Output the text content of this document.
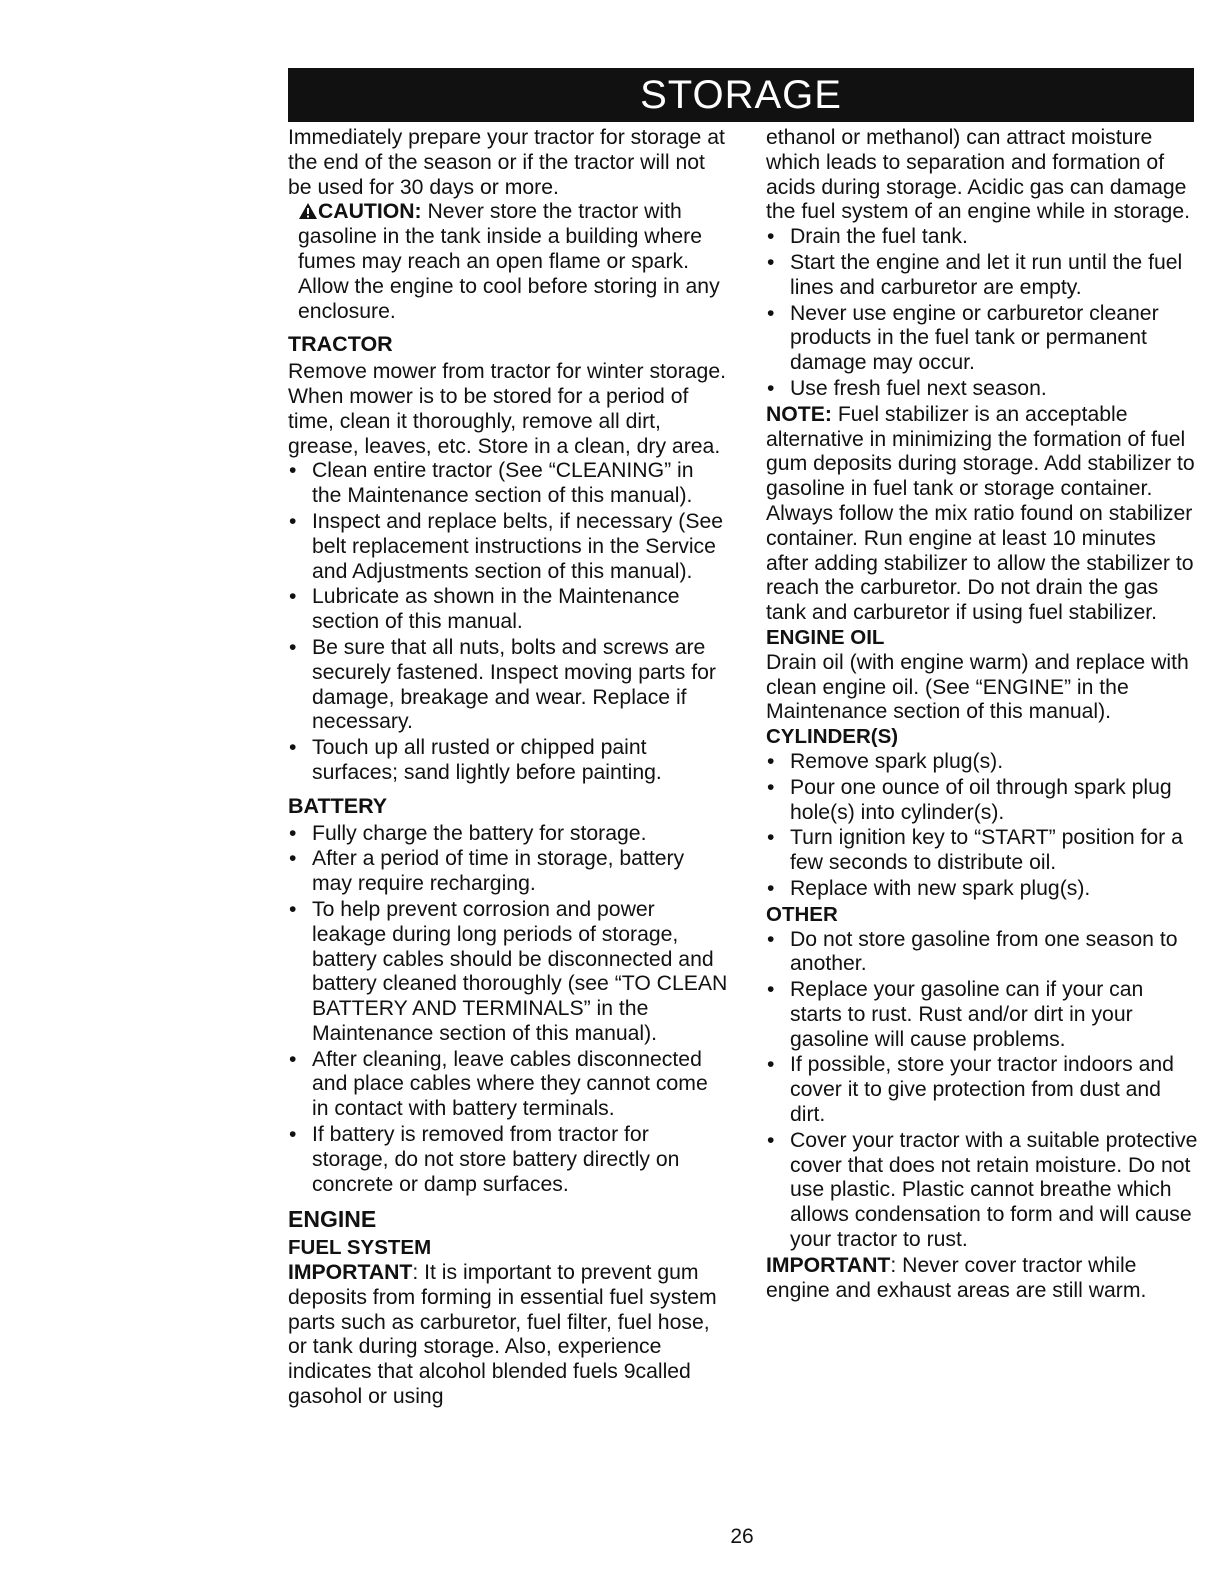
STORAGE

Immediately prepare your tractor for storage at the end of the season or if the tractor will not be used for 30 days or more.

CAUTION: Never store the tractor with gasoline in the tank inside a building where fumes may reach an open flame or spark. Allow the engine to cool before storing in any enclosure.

TRACTOR

Remove mower from tractor for winter storage. When mower is to be stored for a period of time, clean it thoroughly, remove all dirt, grease, leaves, etc. Store in a clean, dry area.

• Clean entire tractor (See “CLEANING” in the Maintenance section of this manual).
• Inspect and replace belts, if necessary (See belt replacement instructions in the Service and Adjustments section of this manual).
• Lubricate as shown in the Maintenance section of this manual.
• Be sure that all nuts, bolts and screws are securely fastened. Inspect moving parts for damage, breakage and wear. Replace if necessary.
• Touch up all rusted or chipped paint surfaces; sand lightly before painting.

BATTERY

• Fully charge the battery for storage.
• After a period of time in storage, battery may require recharging.
• To help prevent corrosion and power leakage during long periods of storage, battery cables should be disconnected and battery cleaned thoroughly (see “TO CLEAN BATTERY AND TERMINALS” in the Maintenance section of this manual).
• After cleaning, leave cables disconnected and place cables where they cannot come in contact with battery terminals.
• If battery is removed from tractor for storage, do not store battery directly on concrete or damp surfaces.

ENGINE

FUEL SYSTEM

IMPORTANT: It is important to prevent gum deposits from forming in essential fuel system parts such as carburetor, fuel filter, fuel hose, or tank during storage. Also, experience indicates that alcohol blended fuels 9called gasohol or using

ethanol or methanol) can attract moisture which leads to separation and formation of acids during storage. Acidic gas can damage the fuel system of an engine while in storage.

• Drain the fuel tank.
• Start the engine and let it run until the fuel lines and carburetor are empty.
• Never use engine or carburetor cleaner products in the fuel tank or permanent damage may occur.
• Use fresh fuel next season.

NOTE: Fuel stabilizer is an acceptable alternative in minimizing the formation of fuel gum deposits during storage. Add stabilizer to gasoline in fuel tank or storage container. Always follow the mix ratio found on stabilizer container. Run engine at least 10 minutes after adding stabilizer to allow the stabilizer to reach the carburetor. Do not drain the gas tank and carburetor if using fuel stabilizer.

ENGINE OIL

Drain oil (with engine warm) and replace with clean engine oil. (See “ENGINE” in the Maintenance section of this manual).

CYLINDER(S)

• Remove spark plug(s).
• Pour one ounce of oil through spark plug hole(s) into cylinder(s).
• Turn ignition key to “START” position for a few seconds to distribute oil.
• Replace with new spark plug(s).

OTHER

• Do not store gasoline from one season to another.
• Replace your gasoline can if your can starts to rust. Rust and/or dirt in your gasoline will cause problems.
• If possible, store your tractor indoors and cover it to give protection from dust and dirt.
• Cover your tractor with a suitable protective cover that does not retain moisture. Do not use plastic. Plastic cannot breathe which allows condensation to form and will cause your tractor to rust.

IMPORTANT: Never cover tractor while engine and exhaust areas are still warm.

26
